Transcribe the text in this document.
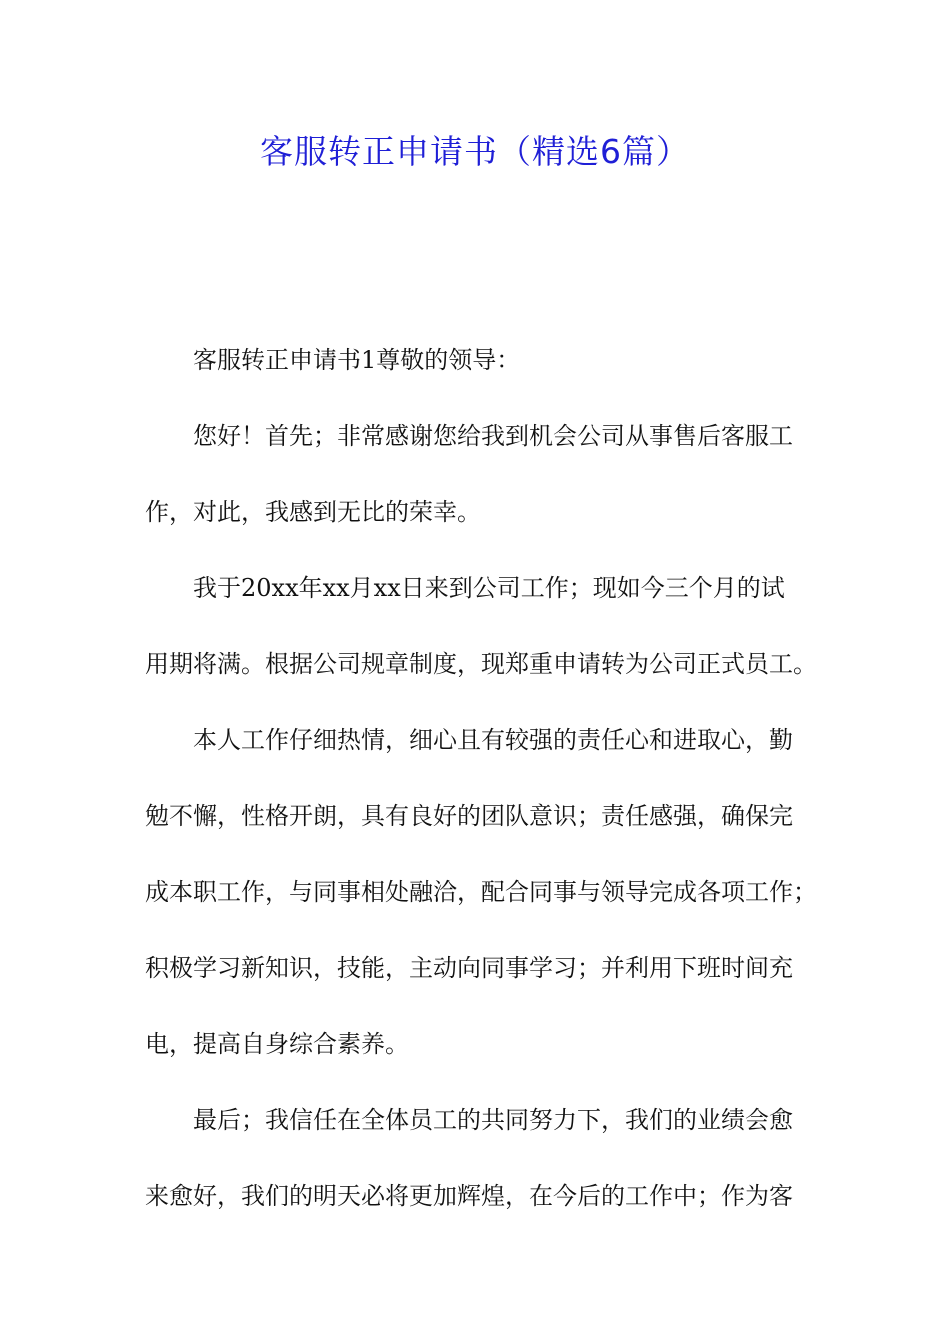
客服转正申请书（精选6篇）
客服转正申请书1尊敬的领导：
您好！首先；非常感谢您给我到机会公司从事售后客服工
作，对此，我感到无比的荣幸。
我于20xx年xx月xx日来到公司工作；现如今三个月的试
用期将满。根据公司规章制度，现郑重申请转为公司正式员工。
本人工作仔细热情，细心且有较强的责任心和进取心，勤
勉不懈，性格开朗，具有良好的团队意识；责任感强，确保完
成本职工作，与同事相处融洽，配合同事与领导完成各项工作；
积极学习新知识，技能，主动向同事学习；并利用下班时间充
电，提高自身综合素养。
最后；我信任在全体员工的共同努力下，我们的业绩会愈
来愈好，我们的明天必将更加辉煌，在今后的工作中；作为客
